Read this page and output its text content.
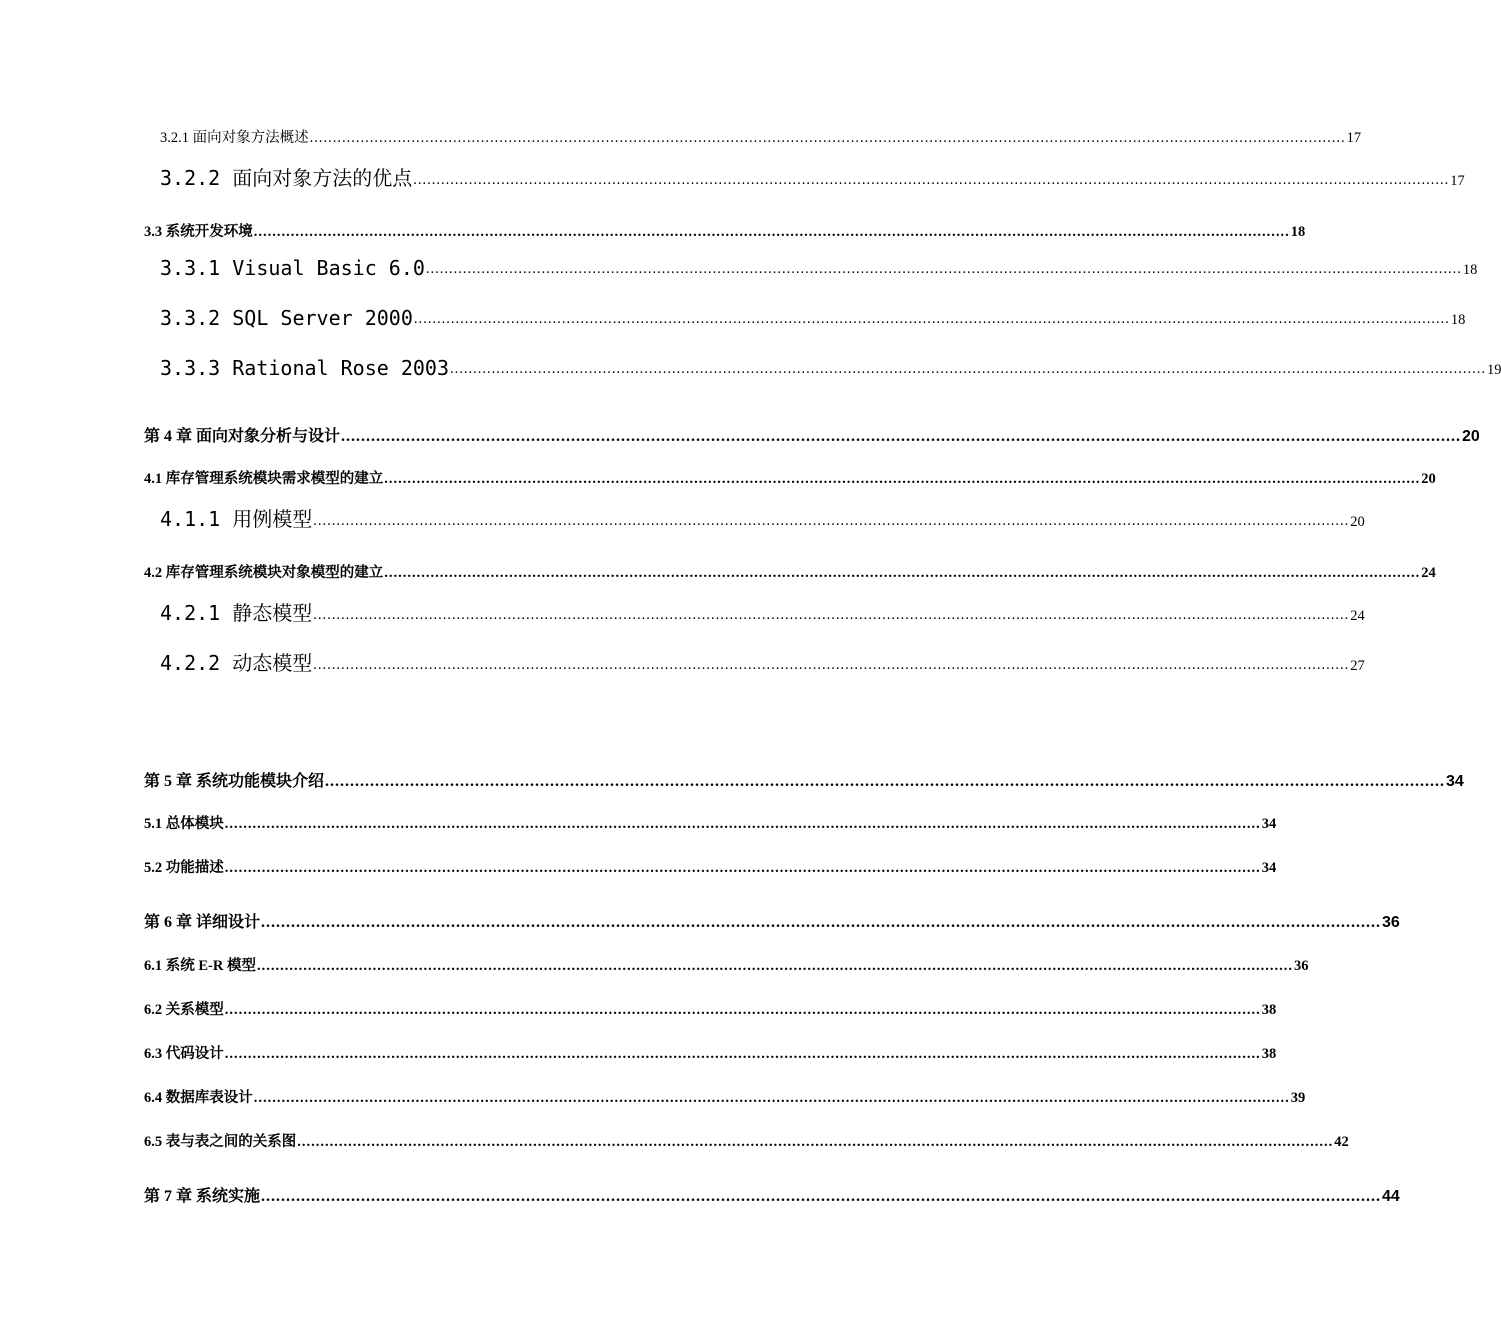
3.2.1 面向对象方法概述 ................................................................................................................................................................................................................................ 17
3.2.2 面向对象方法的优点 ................................................................................................................................................................................................................................ 17
3.3 系统开发环境 ................................................................................................................................................................................................................................ 18
3.3.1 Visual Basic 6.0 ................................................................................................................................................................................................................................ 18
3.3.2 SQL Server 2000 ................................................................................................................................................................................................................................ 18
3.3.3 Rational Rose 2003 ................................................................................................................................................................................................................................ 19
第 4 章 面向对象分析与设计 ................................................................................................................................................................................................................................ 20
4.1 库存管理系统模块需求模型的建立 ................................................................................................................................................................................................................................ 20
4.1.1 用例模型 ................................................................................................................................................................................................................................ 20
4.2 库存管理系统模块对象模型的建立 ................................................................................................................................................................................................................................ 24
4.2.1 静态模型 ................................................................................................................................................................................................................................ 24
4.2.2 动态模型 ................................................................................................................................................................................................................................ 27
第 5 章 系统功能模块介绍 ................................................................................................................................................................................................................................ 34
5.1 总体模块 ................................................................................................................................................................................................................................ 34
5.2 功能描述 ................................................................................................................................................................................................................................ 34
第 6 章 详细设计 ................................................................................................................................................................................................................................ 36
6.1 系统 E-R 模型 ................................................................................................................................................................................................................................ 36
6.2 关系模型 ................................................................................................................................................................................................................................ 38
6.3 代码设计 ................................................................................................................................................................................................................................ 38
6.4 数据库表设计 ................................................................................................................................................................................................................................ 39
6.5 表与表之间的关系图 ................................................................................................................................................................................................................................ 42
第 7 章 系统实施 ................................................................................................................................................................................................................................ 44
